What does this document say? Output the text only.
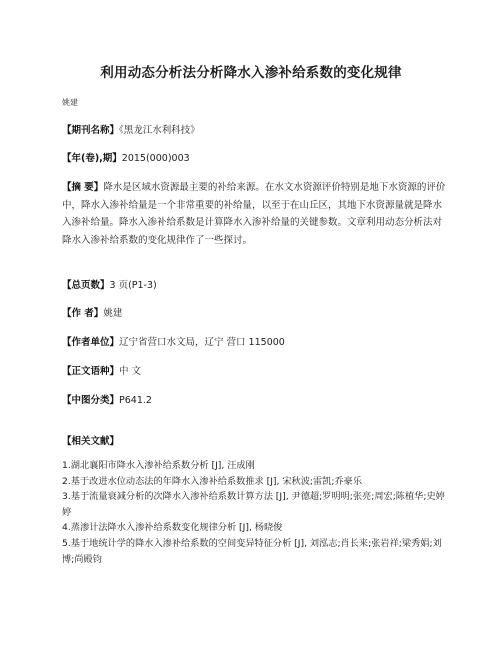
利用动态分析法分析降水入渗补给系数的变化规律
姚建
【期刊名称】《黑龙江水利科技》
【年(卷),期】2015(000)003
【摘 要】降水是区域水资源最主要的补给来源。在水文水资源评价特别是地下水资源的评价中，降水入渗补给量是一个非常重要的补给量，以至于在山丘区，其地下水资源量就是降水入渗补给量。降水入渗补给系数是计算降水入渗补给量的关键参数。文章利用动态分析法对降水入渗补给系数的变化规律作了一些探讨。
【总页数】3 页(P1-3)
【作 者】姚建
【作者单位】辽宁省营口水文局，辽宁 营口 115000
【正文语种】中 文
【中图分类】P641.2
【相关文献】
1.湖北襄阳市降水入渗补给系数分析 [J], 汪成刚
2.基于改进水位动态法的年降水入渗补给系数推求 [J], 宋秋波;雷凯;乔豪乐
3.基于流量衰减分析的次降水入渗补给系数计算方法 [J], 尹德超;罗明明;张亮;周宏;陈植华;史婷婷
4.蒸渗计法降水入渗补给系数变化规律分析 [J], 杨晓俊
5.基于地统计学的降水入渗补给系数的空间变异特征分析 [J], 刘泓志;肖长来;张岩祥;梁秀娟;刘博;尚殿钧
